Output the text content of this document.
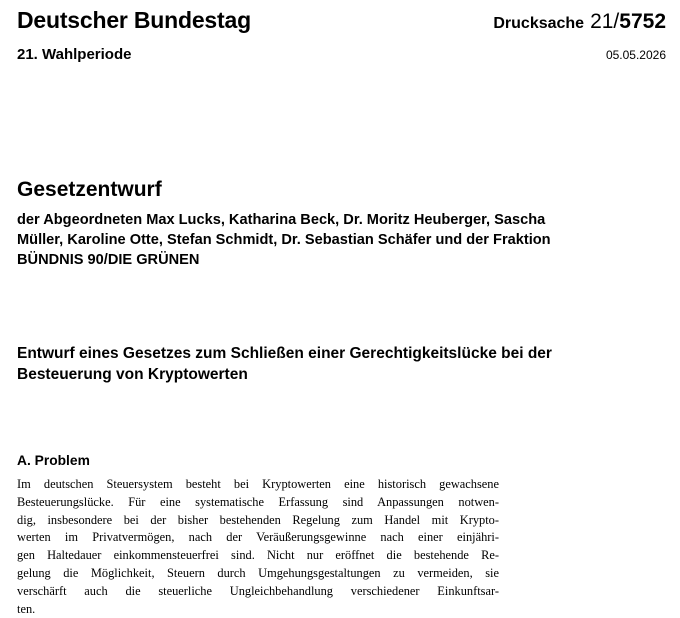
Deutscher Bundestag
21. Wahlperiode
Drucksache 21/5752
05.05.2026
Gesetzentwurf
der Abgeordneten Max Lucks, Katharina Beck, Dr. Moritz Heuberger, Sascha
Müller, Karoline Otte, Stefan Schmidt, Dr. Sebastian Schäfer und der Fraktion
BÜNDNIS 90/DIE GRÜNEN
Entwurf eines Gesetzes zum Schließen einer Gerechtigkeitslücke bei der
Besteuerung von Kryptowerten
A. Problem
Im deutschen Steuersystem besteht bei Kryptowerten eine historisch gewachsene
Besteuerungslücke. Für eine systematische Erfassung sind Anpassungen notwen-
dig, insbesondere bei der bisher bestehenden Regelung zum Handel mit Krypto-
werten im Privatvermögen, nach der Veräußerungsgewinne nach einer einjähri-
gen Haltedauer einkommensteuerfrei sind. Nicht nur eröffnet die bestehende Re-
gelung die Möglichkeit, Steuern durch Umgehungsgestaltungen zu vermeiden, sie
verschärft auch die steuerliche Ungleichbehandlung verschiedener Einkunftsar-
ten.
